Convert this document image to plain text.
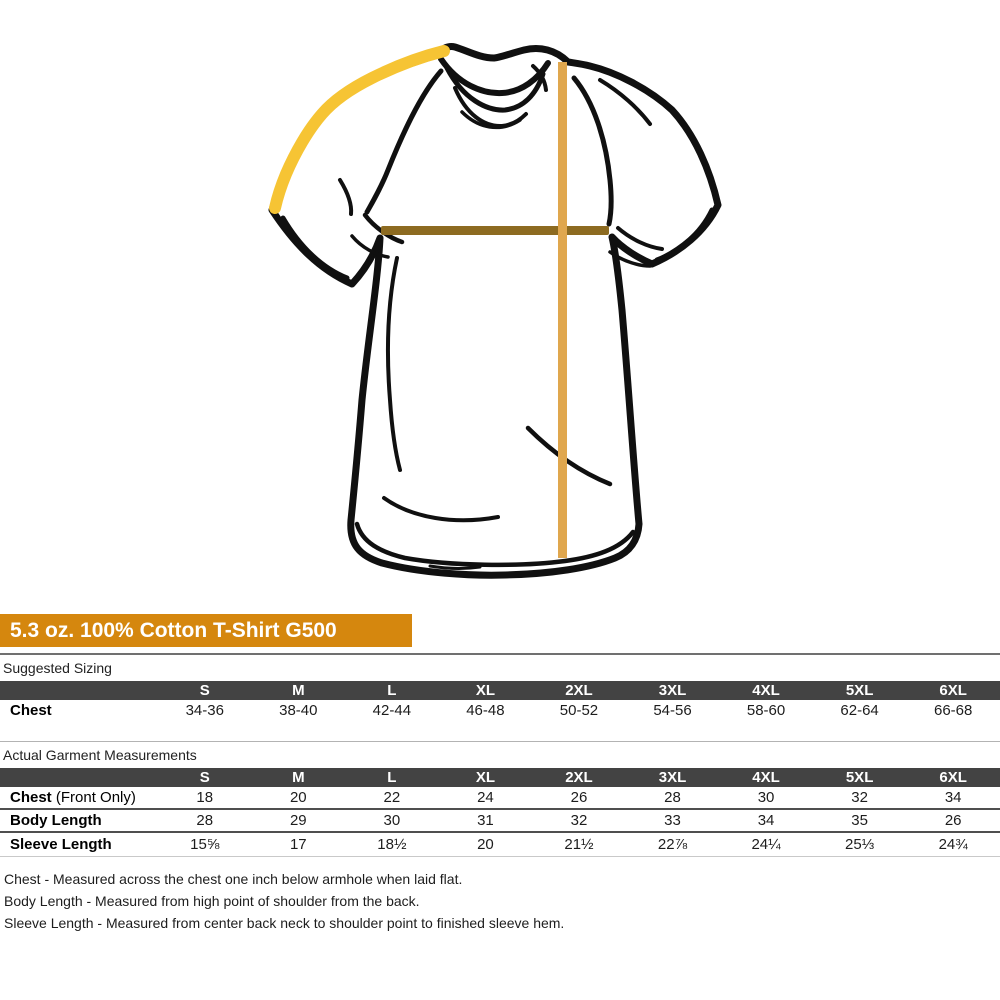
5.3 oz. 100% Cotton T-Shirt G500
Suggested Sizing
	S	M	L	XL	2XL	3XL	4XL	5XL	6XL
Chest	34-36	38-40	42-44	46-48	50-52	54-56	58-60	62-64	66-68
Actual Garment Measurements
	S	M	L	XL	2XL	3XL	4XL	5XL	6XL
Chest (Front Only)	18	20	22	24	26	28	30	32	34
Body Length	28	29	30	31	32	33	34	35	26
Sleeve Length	15⅝	17	18½	20	21½	22⅞	24¼	25⅓	24¾
Chest - Measured across the chest one inch below armhole when laid flat.
Body Length - Measured from high point of shoulder from the back.
Sleeve Length - Measured from center back neck to shoulder point to finished sleeve hem.
